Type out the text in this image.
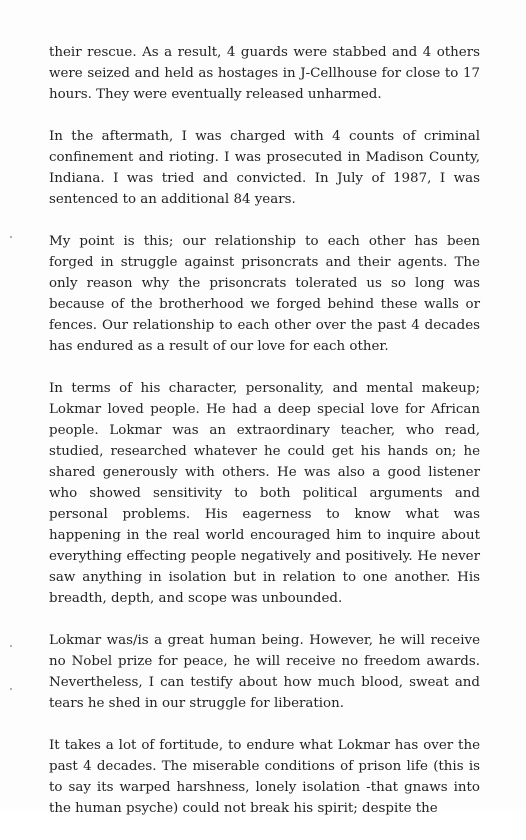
their rescue. As a result, 4 guards were stabbed and 4 others were seized and held as hostages in J-Cellhouse for close to 17 hours. They were eventually released unharmed.

In the aftermath, I was charged with 4 counts of criminal confinement and rioting. I was prosecuted in Madison County, Indiana. I was tried and convicted. In July of 1987, I was sentenced to an additional 84 years.

My point is this; our relationship to each other has been forged in struggle against prisoncrats and their agents. The only reason why the prisoncrats tolerated us so long was because of the brotherhood we forged behind these walls or fences. Our relationship to each other over the past 4 decades has endured as a result of our love for each other.

In terms of his character, personality, and mental makeup; Lokmar loved people. He had a deep special love for African people. Lokmar was an extraordinary teacher, who read, studied, researched whatever he could get his hands on; he shared generously with others. He was also a good listener who showed sensitivity to both political arguments and personal problems. His eagerness to know what was happening in the real world encouraged him to inquire about everything effecting people negatively and positively. He never saw anything in isolation but in relation to one another. His breadth, depth, and scope was unbounded.

Lokmar was/is a great human being. However, he will receive no Nobel prize for peace, he will receive no freedom awards. Nevertheless, I can testify about how much blood, sweat and tears he shed in our struggle for liberation.

It takes a lot of fortitude, to endure what Lokmar has over the past 4 decades. The miserable conditions of prison life (this is to say its warped harshness, lonely isolation -that gnaws into the human psyche) could not break his spirit; despite the
